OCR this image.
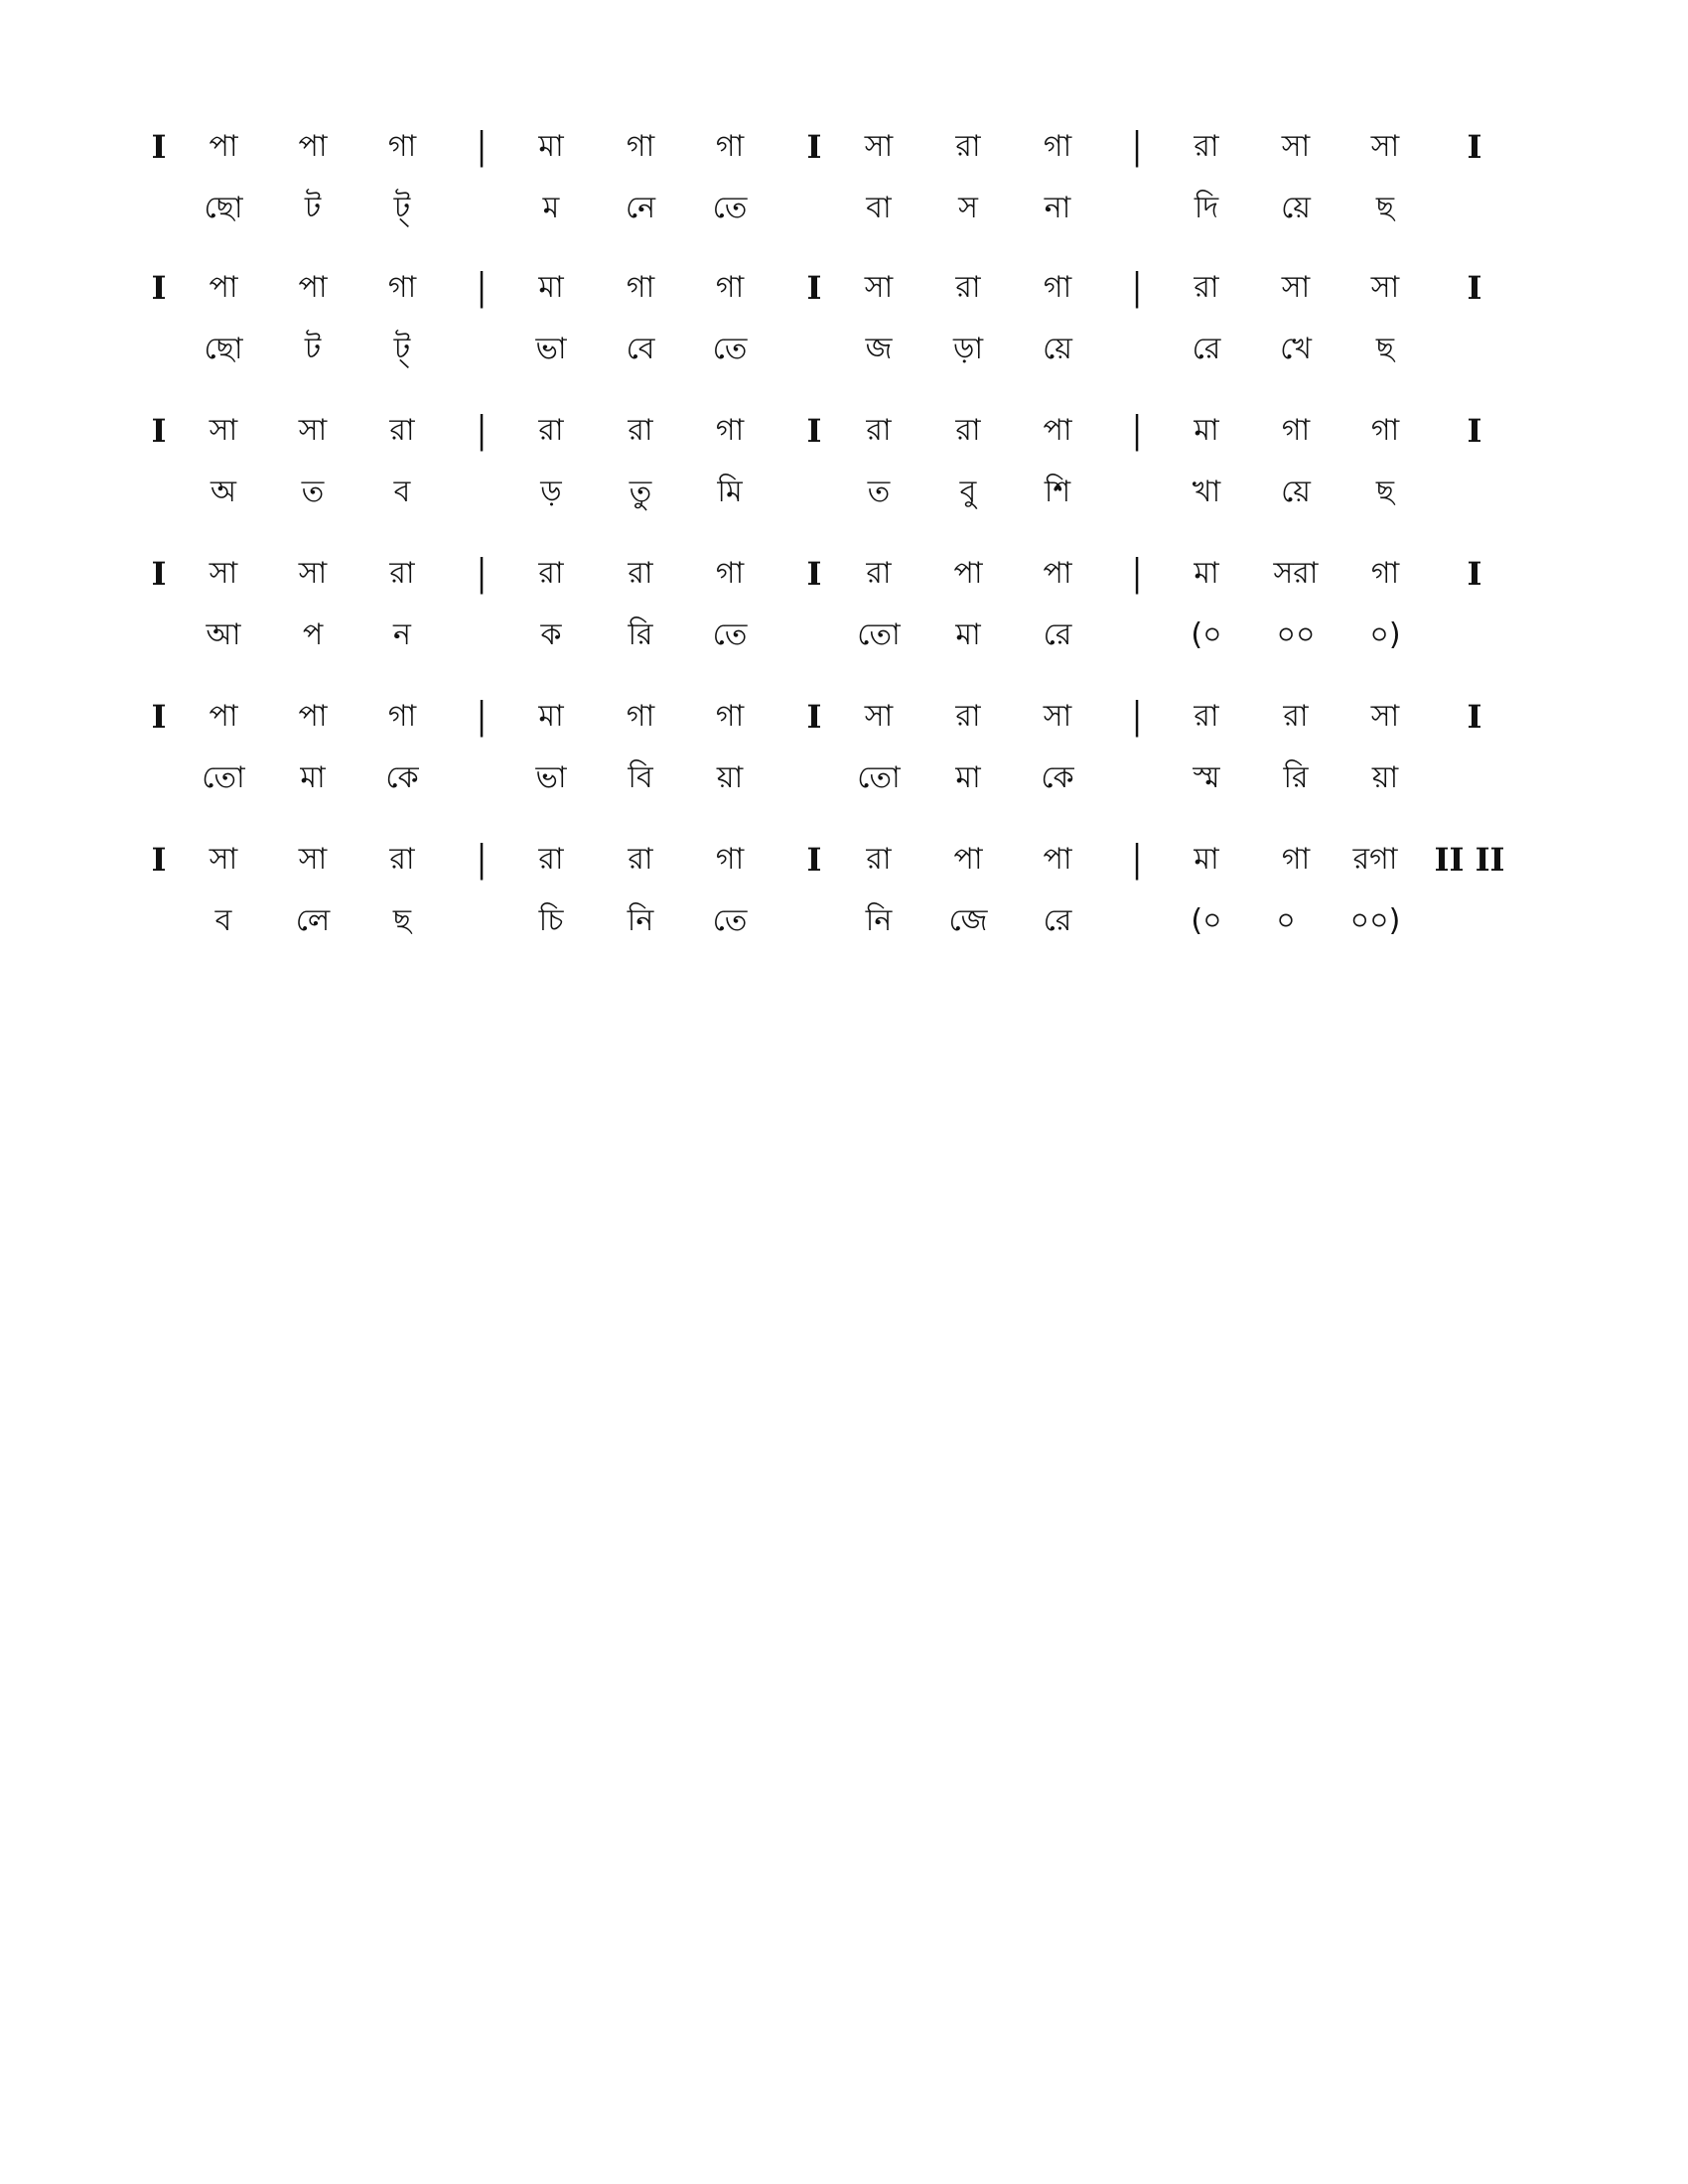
I	পা	পা	গা	|	মা	গা	গা	I	সা	রা	গা	|	রা	সা	সা	I
ছো	ট	ট্	ম	নে	তে	বা	স	না	দি	য়ে	ছ
I	পা	পা	গা	|	মা	গা	গা	I	সা	রা	গা	|	রা	সা	সা	I
ছো	ট	ট্	ভা	বে	তে	জ	ড়া	য়ে	রে	খে	ছ
I	সা	সা	রা	|	রা	রা	গা	I	রা	রা	পা	|	মা	গা	গা	I
অ	ত	ব	ড়	তু	মি	ত	বু	শি	খা	য়ে	ছ
I	সা	সা	রা	|	রা	রা	গা	I	রা	পা	পা	|	মা	সরা	গা	I
আ	প	ন	ক	রি	তে	তো	মা	রে	(০	০০	০)
I	পা	পা	গা	|	মা	গা	গা	I	সা	রা	সা	|	রা	রা	সা	I
তো	মা	কে	ভা	বি	য়া	তো	মা	কে	স্ম	রি	য়া
I	সা	সা	রা	|	রা	রা	গা	I	রা	পা	পা	|	মা	গা	রগা	II II
ব	লে	ছ	চি	নি	তে	নি	জে	রে	(০	০	০০)
